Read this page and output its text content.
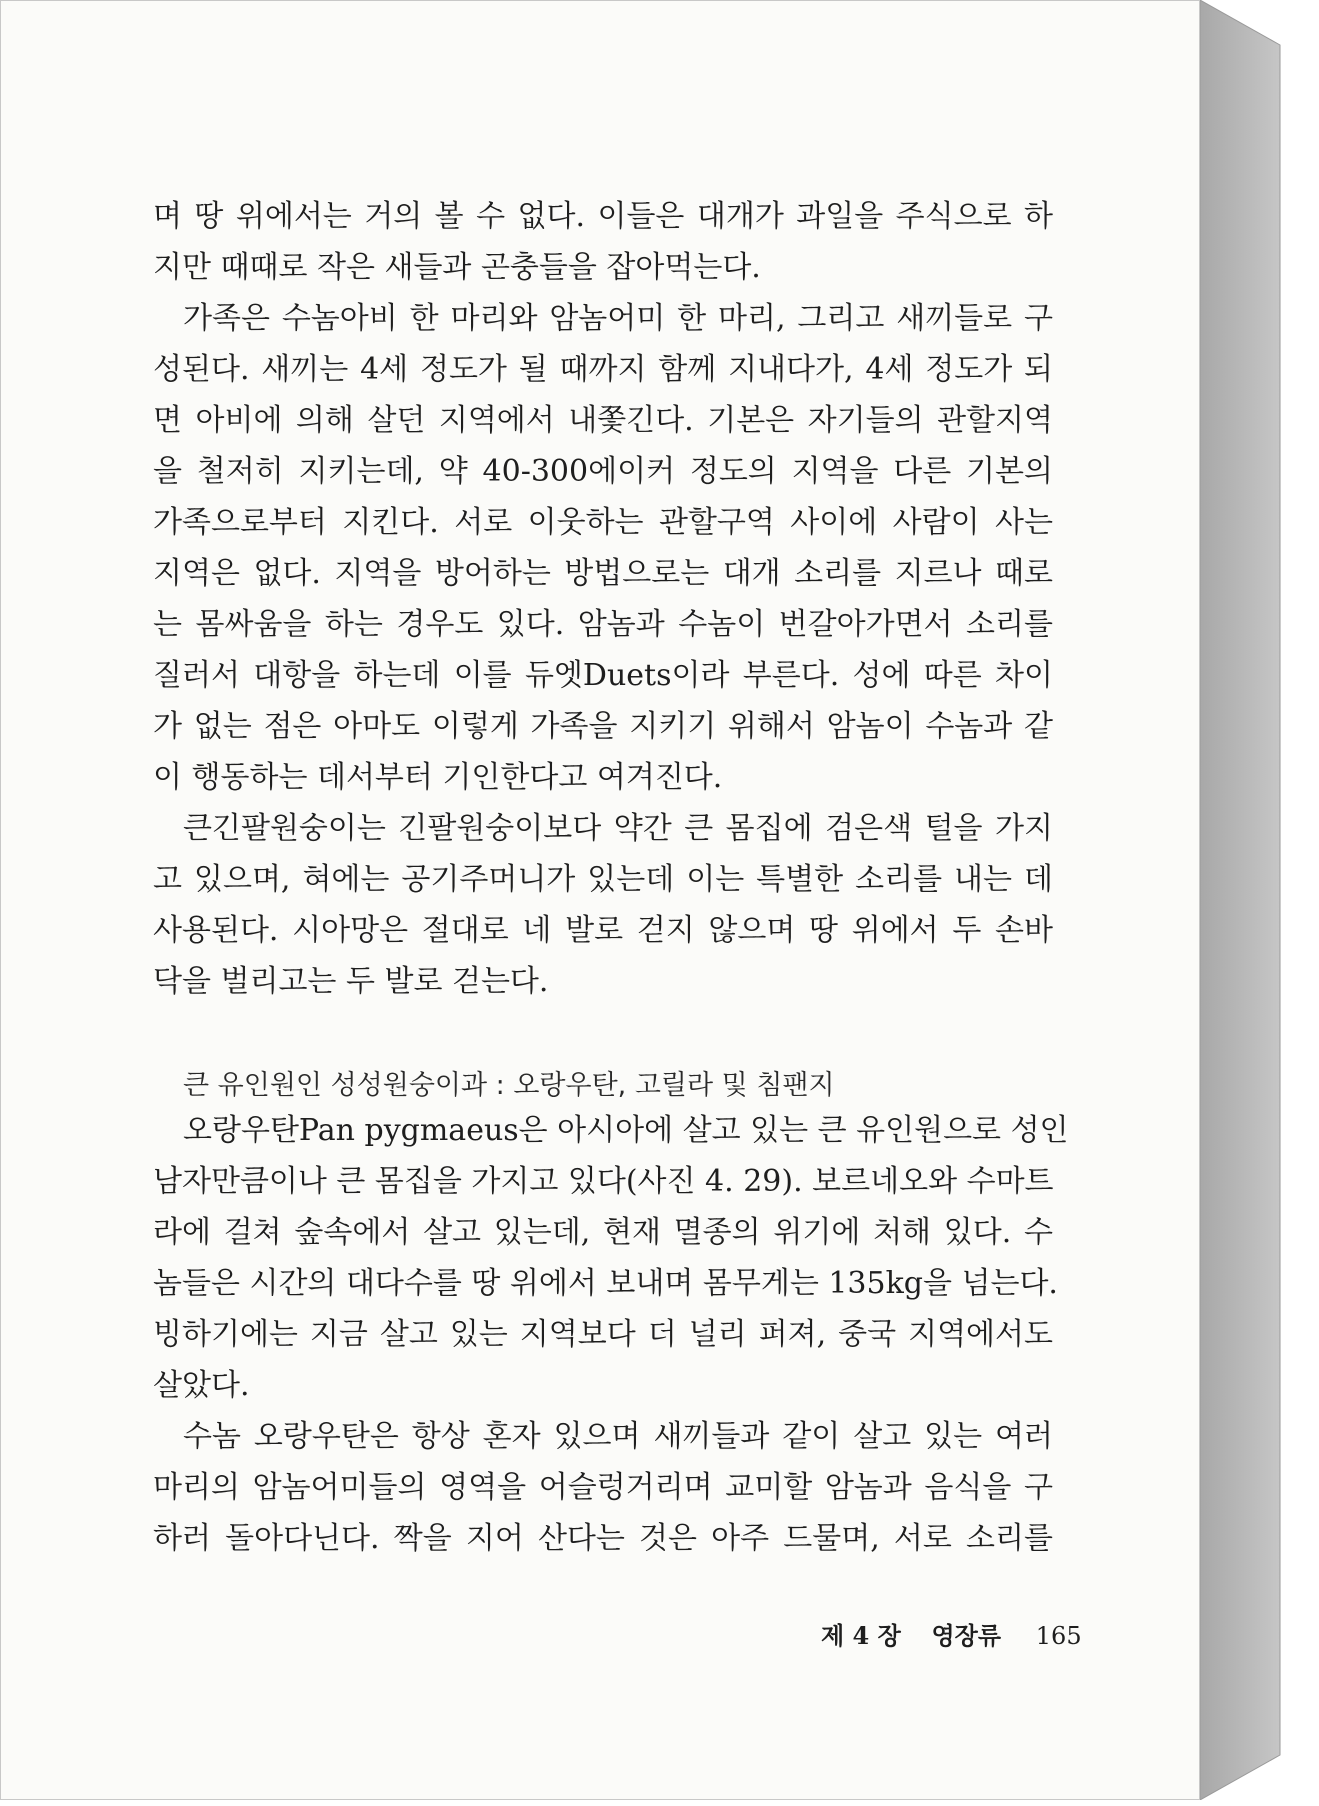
며 땅 위에서는 거의 볼 수 없다. 이들은 대개가 과일을 주식으로 하
지만 때때로 작은 새들과 곤충들을 잡아먹는다.
가족은 수놈아비 한 마리와 암놈어미 한 마리, 그리고 새끼들로 구
성된다. 새끼는 4세 정도가 될 때까지 함께 지내다가, 4세 정도가 되
면 아비에 의해 살던 지역에서 내쫓긴다. 기본은 자기들의 관할지역
을 철저히 지키는데, 약 40-300에이커 정도의 지역을 다른 기본의
가족으로부터 지킨다. 서로 이웃하는 관할구역 사이에 사람이 사는
지역은 없다. 지역을 방어하는 방법으로는 대개 소리를 지르나 때로
는 몸싸움을 하는 경우도 있다. 암놈과 수놈이 번갈아가면서 소리를
질러서 대항을 하는데 이를 듀엣Duets이라 부른다. 성에 따른 차이
가 없는 점은 아마도 이렇게 가족을 지키기 위해서 암놈이 수놈과 같
이 행동하는 데서부터 기인한다고 여겨진다.
큰긴팔원숭이는 긴팔원숭이보다 약간 큰 몸집에 검은색 털을 가지
고 있으며, 혀에는 공기주머니가 있는데 이는 특별한 소리를 내는 데
사용된다. 시아망은 절대로 네 발로 걷지 않으며 땅 위에서 두 손바
닥을 벌리고는 두 발로 걷는다.
큰 유인원인 성성원숭이과 : 오랑우탄, 고릴라 및 침팬지
오랑우탄Pan pygmaeus은 아시아에 살고 있는 큰 유인원으로 성인
남자만큼이나 큰 몸집을 가지고 있다(사진 4. 29). 보르네오와 수마트
라에 걸쳐 숲속에서 살고 있는데, 현재 멸종의 위기에 처해 있다. 수
놈들은 시간의 대다수를 땅 위에서 보내며 몸무게는 135kg을 넘는다.
빙하기에는 지금 살고 있는 지역보다 더 널리 퍼져, 중국 지역에서도
살았다.
수놈 오랑우탄은 항상 혼자 있으며 새끼들과 같이 살고 있는 여러
마리의 암놈어미들의 영역을 어슬렁거리며 교미할 암놈과 음식을 구
하러 돌아다닌다. 짝을 지어 산다는 것은 아주 드물며, 서로 소리를
제 4 장 영장류 165
